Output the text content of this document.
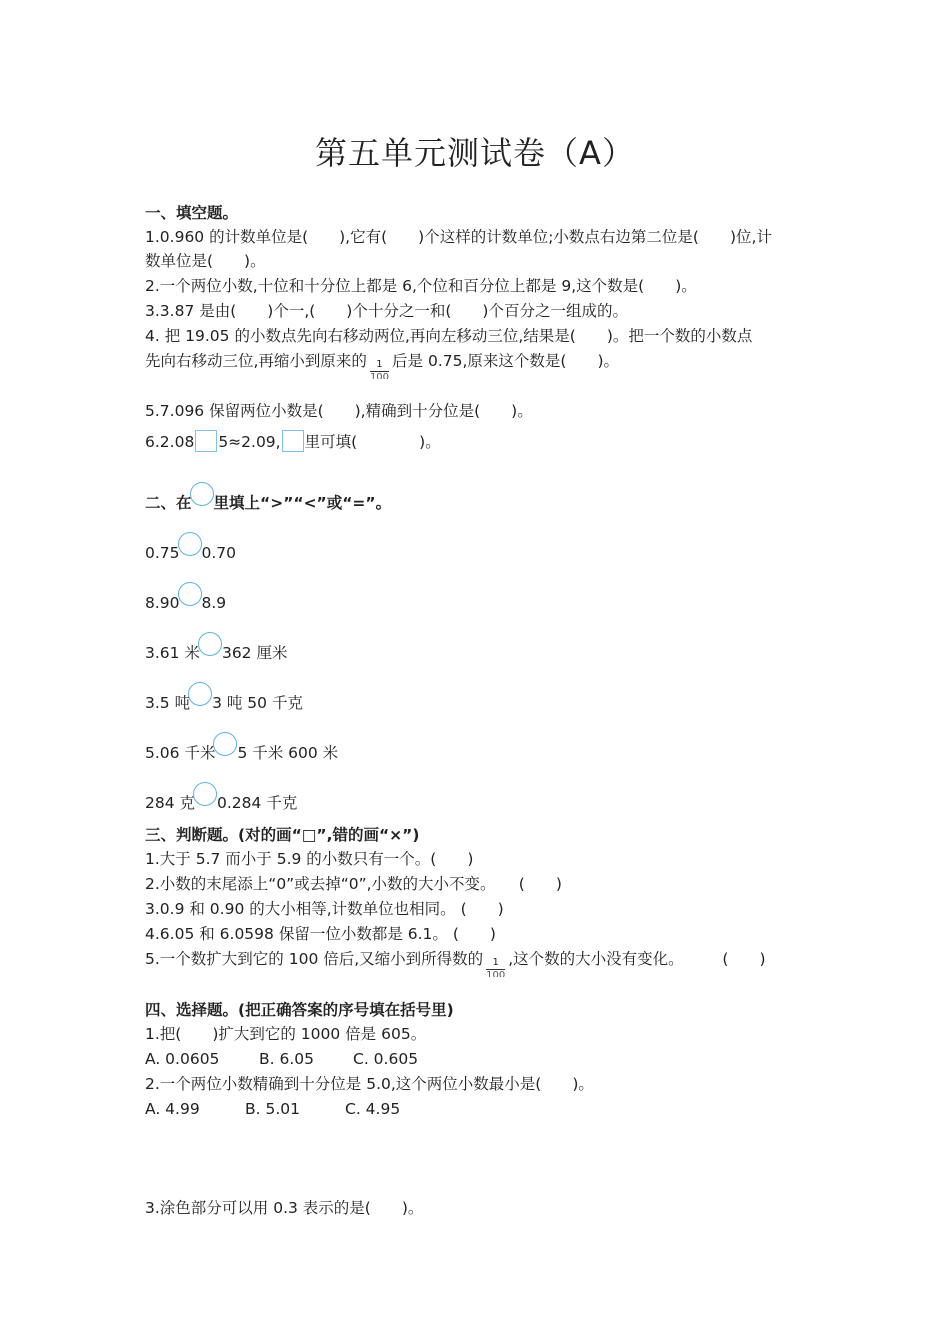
第五单元测试卷（A）
一、填空题。
1.0.960 的计数单位是(　　),它有(　　)个这样的计数单位;小数点右边第二位是(　　)位,计
数单位是(　　)。
2.一个两位小数,十位和十分位上都是 6,个位和百分位上都是 9,这个数是(　　)。
3.3.87 是由(　　)个一,(　　)个十分之一和(　　)个百分之一组成的。
4. 把 19.05 的小数点先向右移动两位,再向左移动三位,结果是(　　)。把一个数的小数点
先向右移动三位,再缩小到原来的 $\frac{1}{100}$ 后是 0.75,原来这个数是(　　)。
5.7.096 保留两位小数是(　　),精确到十分位是(　　)。
6.2.08 5≈2.09, 里可填(　　　　)。
二、在 里填上“>”“<”或“=”。
0.75 0.70
8.90 8.9
3.61 米 362 厘米
3.5 吨 3 吨 50 千克
5.06 千米 5 千米 600 米
284 克 0.284 千克
三、判断题。(对的画“□”,错的画“×”)
1.大于 5.7 而小于 5.9 的小数只有一个。(　　)
2.小数的末尾添上“0”或去掉“0”,小数的大小不变。　　(　　)
3.0.9 和 0.90 的大小相等,计数单位也相同。 (　　)
4.6.05 和 6.0598 保留一位小数都是 6.1。 (　　)
5.一个数扩大到它的 100 倍后,又缩小到所得数的 $\frac{1}{100}$ ,这个数的大小没有变化。　　　(　　)
四、选择题。(把正确答案的序号填在括号里)
1.把(　　)扩大到它的 1000 倍是 605。
A. 0.0605	B. 6.05	C. 0.605
2.一个两位小数精确到十分位是 5.0,这个两位小数最小是(　　)。
A. 4.99	B. 5.01	C. 4.95
3.涂色部分可以用 0.3 表示的是(　　)。
